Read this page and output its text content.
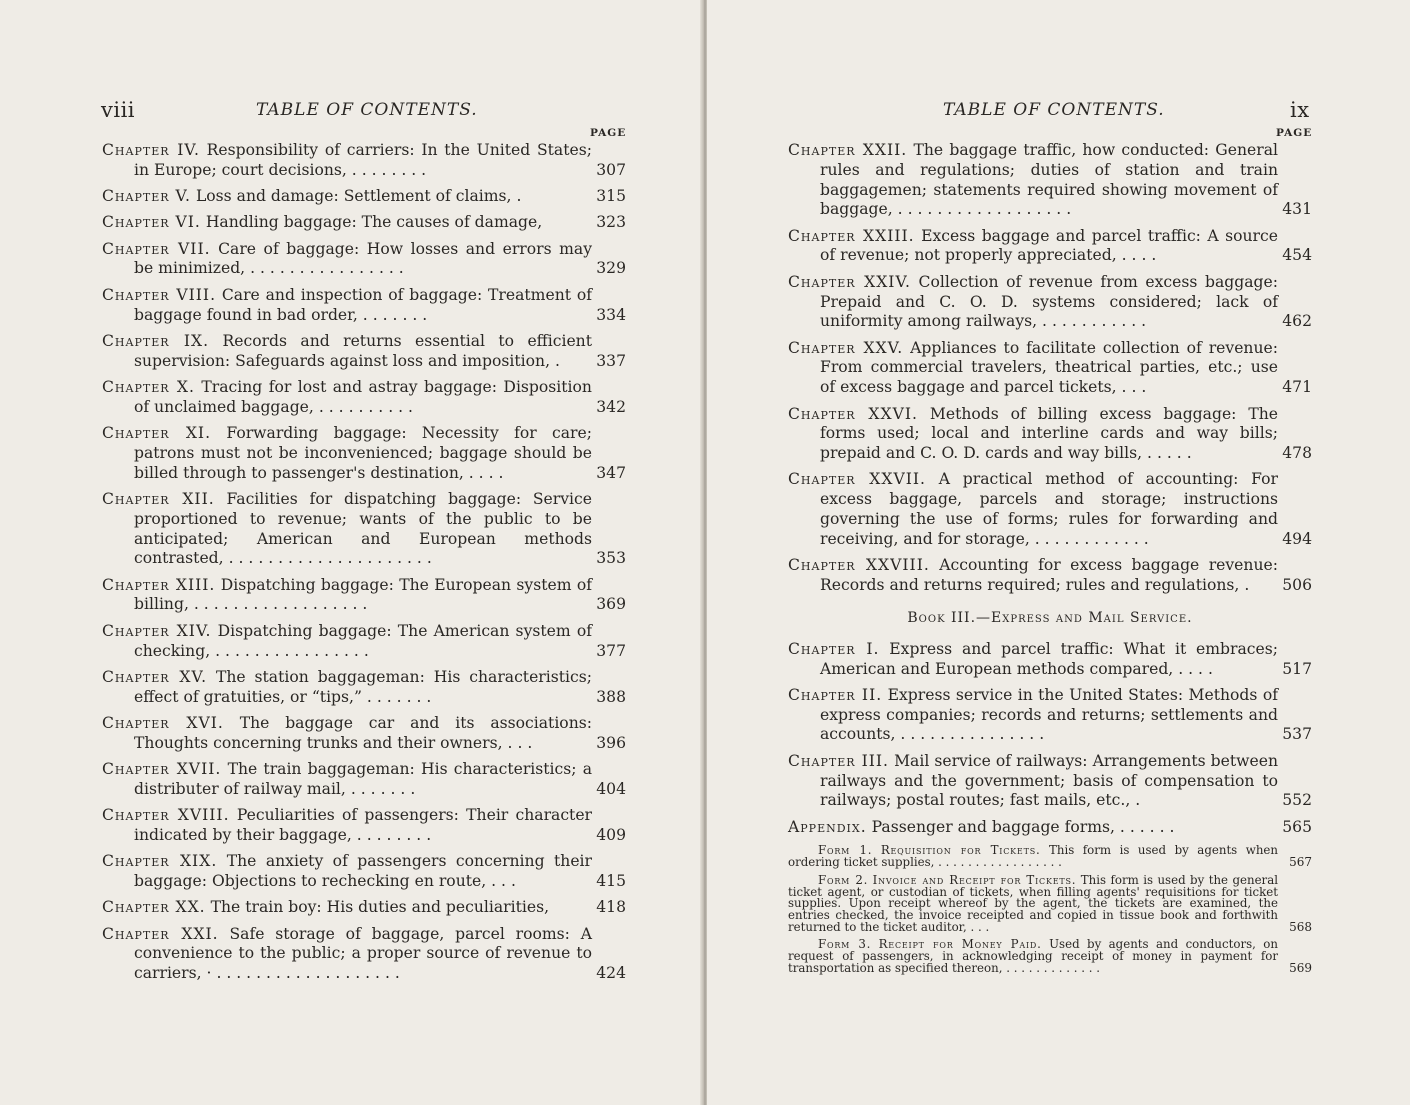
viii	TABLE OF CONTENTS.
PAGE
Chapter IV. Responsibility of carriers: In the United States; in Europe; court decisions, . . . . . . . .	307
Chapter V. Loss and damage: Settlement of claims, .	315
Chapter VI. Handling baggage: The causes of damage,	323
Chapter VII. Care of baggage: How losses and errors may be minimized, . . . . . . . . . . . . . . . .	329
Chapter VIII. Care and inspection of baggage: Treatment of baggage found in bad order, . . . . . . .	334
Chapter IX. Records and returns essential to efficient supervision: Safeguards against loss and imposition, .	337
Chapter X. Tracing for lost and astray baggage: Disposition of unclaimed baggage, . . . . . . . . . .	342
Chapter XI. Forwarding baggage: Necessity for care; patrons must not be inconvenienced; baggage should be billed through to passenger's destination, . . . .	347
Chapter XII. Facilities for dispatching baggage: Service proportioned to revenue; wants of the public to be anticipated; American and European methods contrasted, . . . . . . . . . . . . . . . . . . . . .	353
Chapter XIII. Dispatching baggage: The European system of billing, . . . . . . . . . . . . . . . . . .	369
Chapter XIV. Dispatching baggage: The American system of checking, . . . . . . . . . . . . . . . .	377
Chapter XV. The station baggageman: His characteristics; effect of gratuities, or “tips,” . . . . . . .	388
Chapter XVI. The baggage car and its associations: Thoughts concerning trunks and their owners, . . .	396
Chapter XVII. The train baggageman: His characteristics; a distributer of railway mail, . . . . . . .	404
Chapter XVIII. Peculiarities of passengers: Their character indicated by their baggage, . . . . . . . .	409
Chapter XIX. The anxiety of passengers concerning their baggage: Objections to rechecking en route, . . .	415
Chapter XX. The train boy: His duties and peculiarities,	418
Chapter XXI. Safe storage of baggage, parcel rooms: A convenience to the public; a proper source of revenue to carriers, · . . . . . . . . . . . . . . . . . . .	424
TABLE OF CONTENTS.	ix
PAGE
Chapter XXII. The baggage traffic, how conducted: General rules and regulations; duties of station and train baggagemen; statements required showing movement of baggage, . . . . . . . . . . . . . . . . . .	431
Chapter XXIII. Excess baggage and parcel traffic: A source of revenue; not properly appreciated, . . . .	454
Chapter XXIV. Collection of revenue from excess baggage: Prepaid and C. O. D. systems considered; lack of uniformity among railways, . . . . . . . . . . .	462
Chapter XXV. Appliances to facilitate collection of revenue: From commercial travelers, theatrical parties, etc.; use of excess baggage and parcel tickets, . . .	471
Chapter XXVI. Methods of billing excess baggage: The forms used; local and interline cards and way bills; prepaid and C. O. D. cards and way bills, . . . . .	478
Chapter XXVII. A practical method of accounting: For excess baggage, parcels and storage; instructions governing the use of forms; rules for forwarding and receiving, and for storage, . . . . . . . . . . . .	494
Chapter XXVIII. Accounting for excess baggage revenue: Records and returns required; rules and regulations, .	506
Book III.—Express and Mail Service.
Chapter I. Express and parcel traffic: What it embraces; American and European methods compared, . . . .	517
Chapter II. Express service in the United States: Methods of express companies; records and returns; settlements and accounts, . . . . . . . . . . . . . . .	537
Chapter III. Mail service of railways: Arrangements between railways and the government; basis of compensation to railways; postal routes; fast mails, etc., .	552
Appendix. Passenger and baggage forms, . . . . . .	565
Form 1. Requisition for Tickets. This form is used by agents when ordering ticket supplies, . . . . . . . . . . . . . . . . .	567
Form 2. Invoice and Receipt for Tickets. This form is used by the general ticket agent, or custodian of tickets, when filling agents' requisitions for ticket supplies. Upon receipt whereof by the agent, the tickets are examined, the entries checked, the invoice receipted and copied in tissue book and forthwith returned to the ticket auditor, . . .	568
Form 3. Receipt for Money Paid. Used by agents and conductors, on request of passengers, in acknowledging receipt of money in payment for transportation as specified thereon, . . . . . . . . . . . . .	569
